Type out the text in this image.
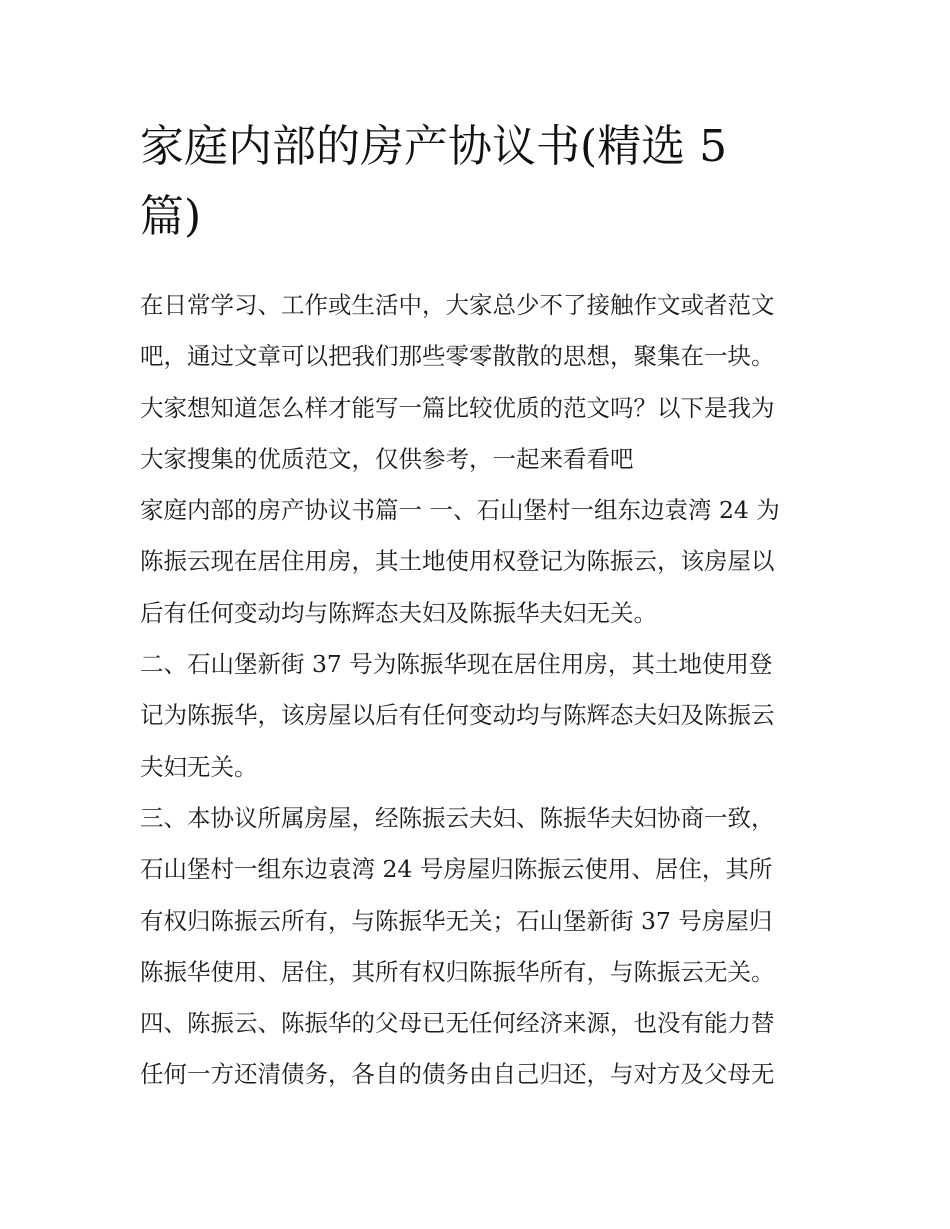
家庭内部的房产协议书(精选 5
篇)

在日常学习、工作或生活中，大家总少不了接触作文或者范文

吧，通过文章可以把我们那些零零散散的思想，聚集在一块。

大家想知道怎么样才能写一篇比较优质的范文吗？以下是我为

大家搜集的优质范文，仅供参考，一起来看看吧

家庭内部的房产协议书篇一 一、石山堡村一组东边袁湾 24 为

陈振云现在居住用房，其土地使用权登记为陈振云，该房屋以

后有任何变动均与陈辉态夫妇及陈振华夫妇无关。

二、石山堡新街 37 号为陈振华现在居住用房，其土地使用登

记为陈振华，该房屋以后有任何变动均与陈辉态夫妇及陈振云

夫妇无关。

三、本协议所属房屋，经陈振云夫妇、陈振华夫妇协商一致，

石山堡村一组东边袁湾 24 号房屋归陈振云使用、居住，其所

有权归陈振云所有，与陈振华无关；石山堡新街 37 号房屋归

陈振华使用、居住，其所有权归陈振华所有，与陈振云无关。

四、陈振云、陈振华的父母已无任何经济来源，也没有能力替

任何一方还清债务，各自的债务由自己归还，与对方及父母无
